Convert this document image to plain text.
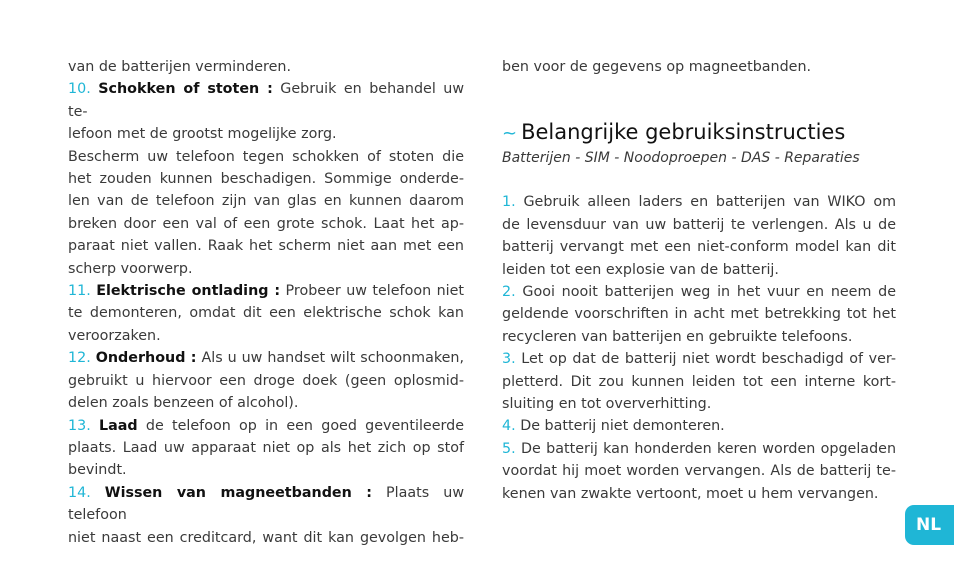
van de batterijen verminderen.
10. Schokken of stoten : Gebruik en behandel uw te-
lefoon met de grootst mogelijke zorg.
Bescherm uw telefoon tegen schokken of stoten die
het zouden kunnen beschadigen. Sommige onderde-
len van de telefoon zijn van glas en kunnen daarom
breken door een val of een grote schok. Laat het ap-
paraat niet vallen. Raak het scherm niet aan met een
scherp voorwerp.
11. Elektrische ontlading : Probeer uw telefoon niet
te demonteren, omdat dit een elektrische schok kan
veroorzaken.
12. Onderhoud : Als u uw handset wilt schoonmaken,
gebruikt u hiervoor een droge doek (geen oplosmid-
delen zoals benzeen of alcohol).
13. Laad de telefoon op in een goed geventileerde
plaats. Laad uw apparaat niet op als het zich op stof
bevindt.
14. Wissen van magneetbanden : Plaats uw telefoon
niet naast een creditcard, want dit kan gevolgen heb-
ben voor de gegevens op magneetbanden.
~ Belangrijke gebruiksinstructies
Batterijen - SIM - Noodoproepen - DAS - Reparaties
1. Gebruik alleen laders en batterijen van WIKO om
de levensduur van uw batterij te verlengen. Als u de
batterij vervangt met een niet-conform model kan dit
leiden tot een explosie van de batterij.
2. Gooi nooit batterijen weg in het vuur en neem de
geldende voorschriften in acht met betrekking tot het
recycleren van batterijen en gebruikte telefoons.
3. Let op dat de batterij niet wordt beschadigd of ver-
pletterd. Dit zou kunnen leiden tot een interne kort-
sluiting en tot oververhitting.
4. De batterij niet demonteren.
5. De batterij kan honderden keren worden opgeladen
voordat hij moet worden vervangen. Als de batterij te-
kenen van zwakte vertoont, moet u hem vervangen.
NL
